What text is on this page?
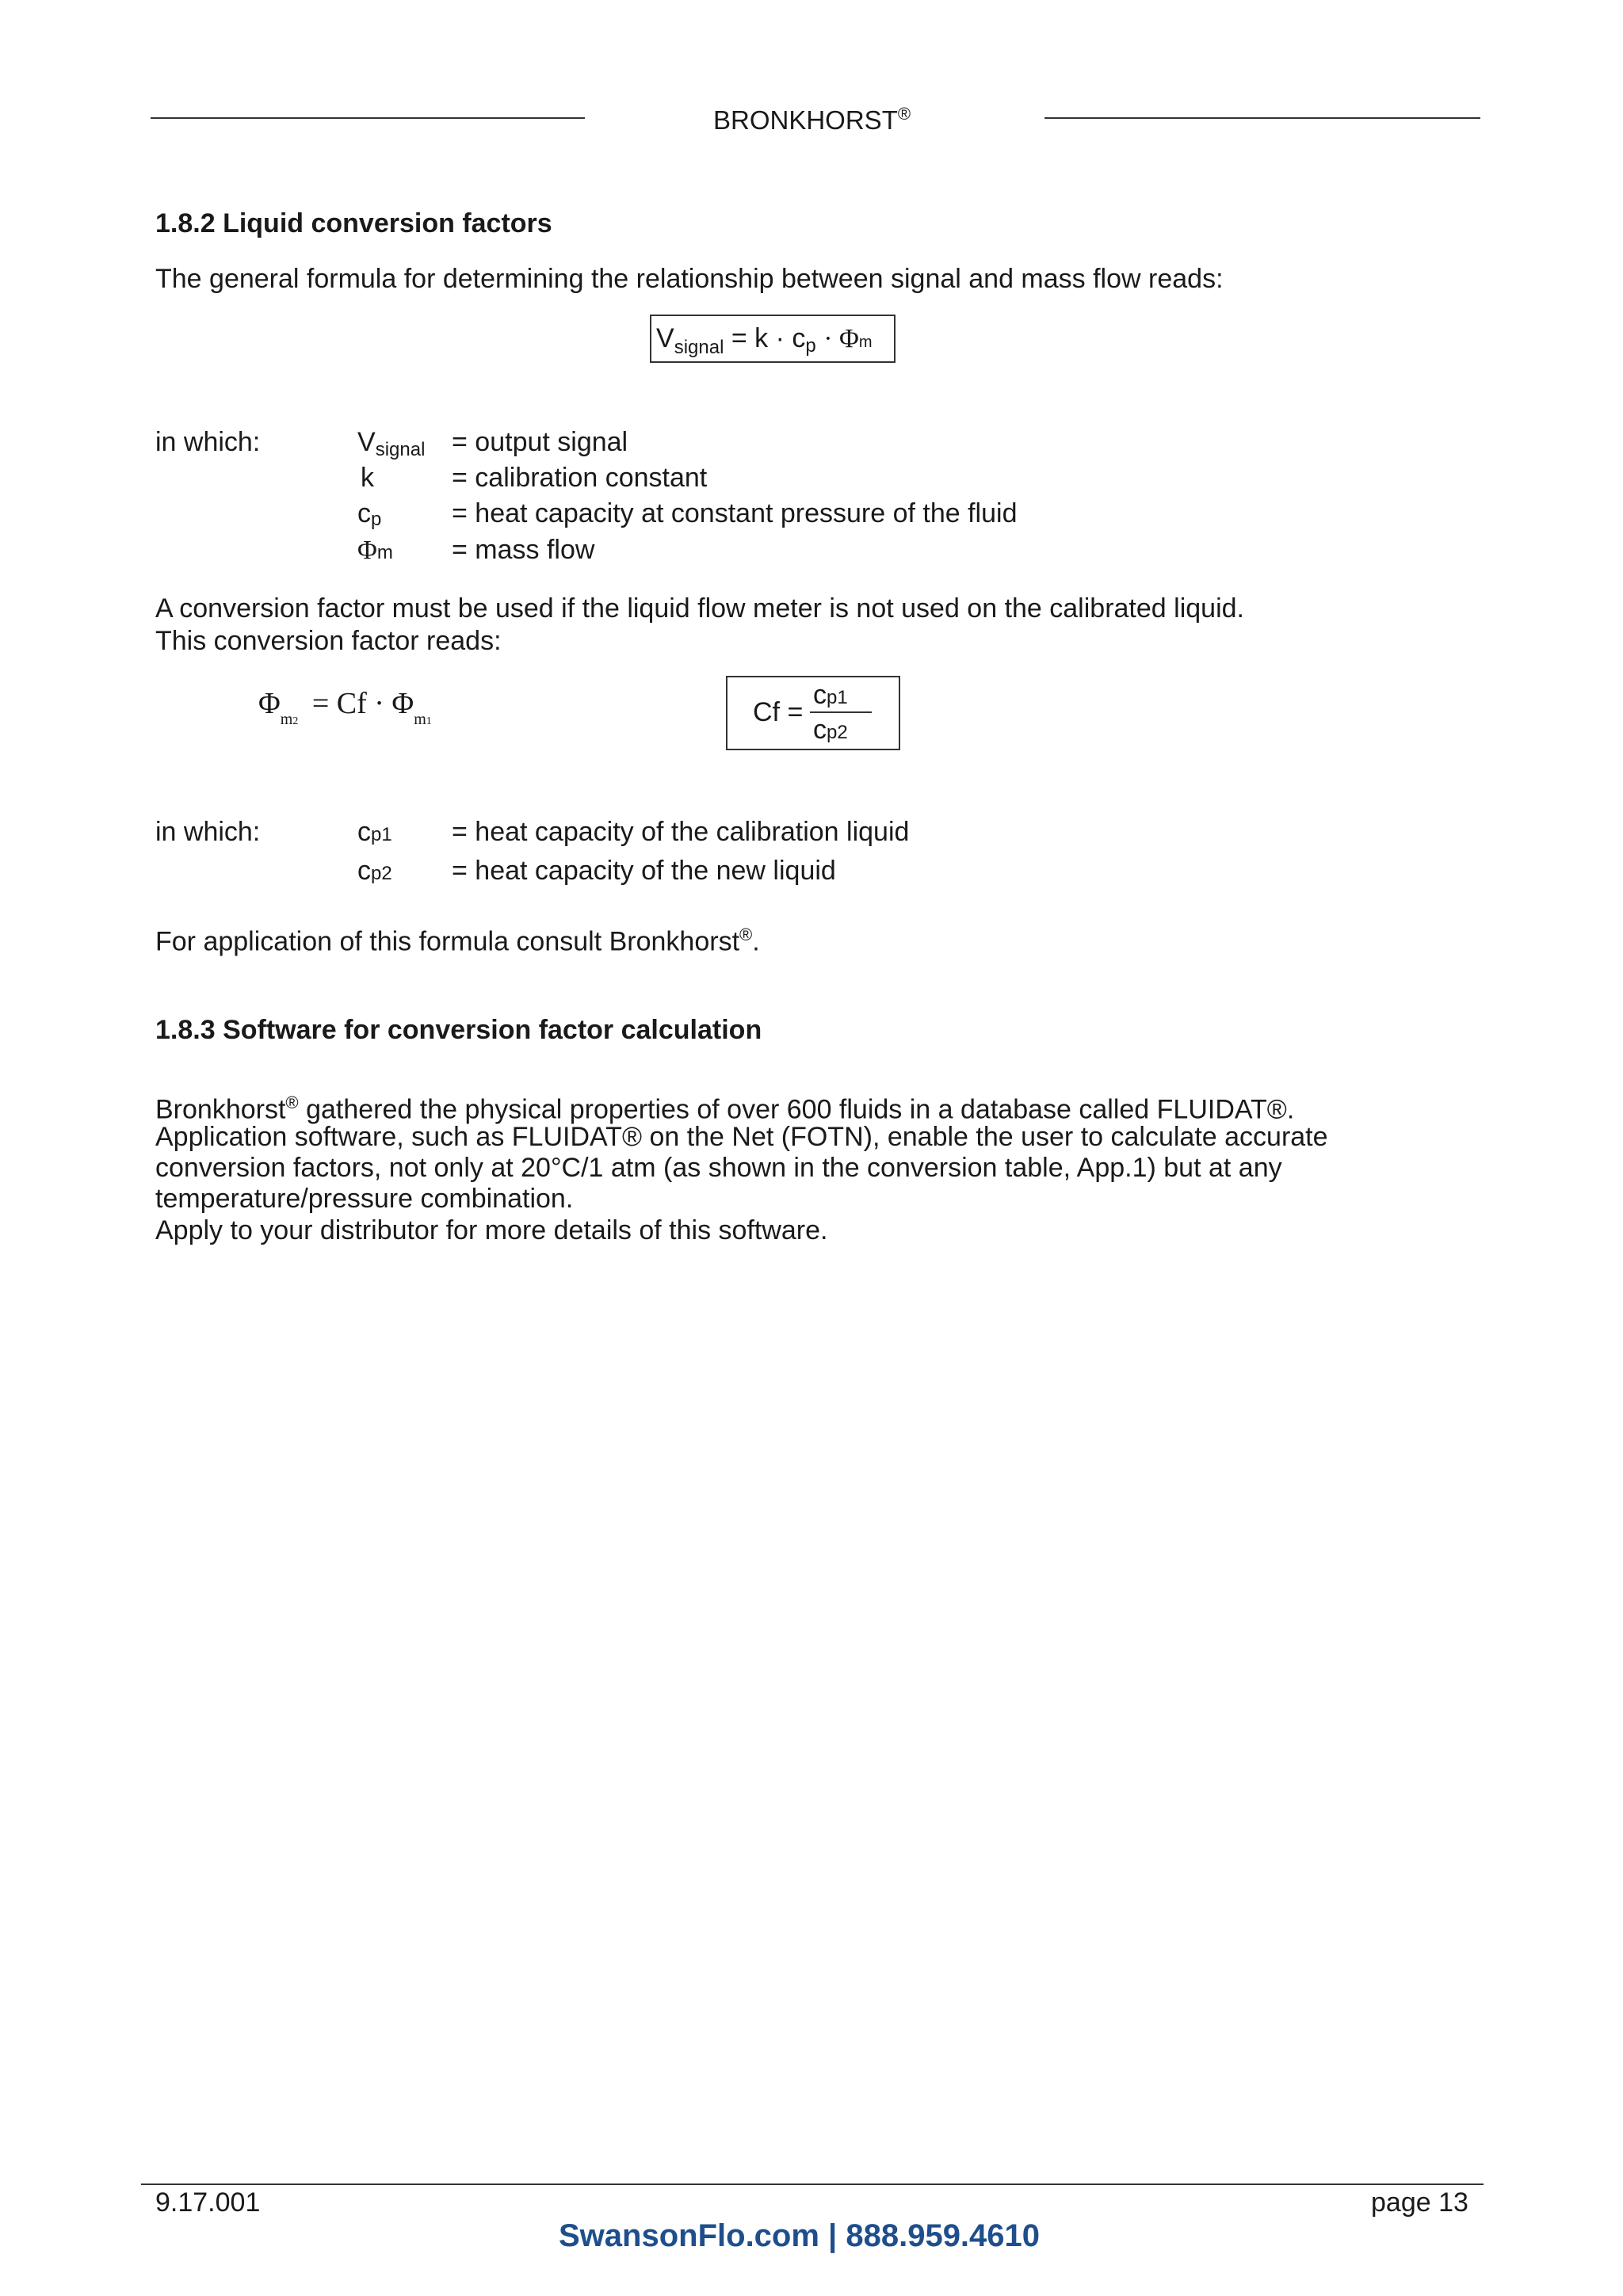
BRONKHORST®
1.8.2 Liquid conversion factors
The general formula for determining the relationship between signal and mass flow reads:
$V_{signal} = k$ · cp · Φm
in which:	Vsignal = output signal
k	= calibration constant
cp	= heat capacity at constant pressure of the fluid
Φm = mass flow
A conversion factor must be used if the liquid flow meter is not used on the calibrated liquid.
This conversion factor reads:
$\Phi_{m2} = Cf \cdot \Phi_{m1}$	Cf =
cp1
cp2
in which:	cp1 = heat capacity of the calibration liquid
cp2 = heat capacity of the new liquid
For application of this formula consult Bronkhorst®.
1.8.3 Software for conversion factor calculation
Bronkhorst® gathered the physical properties of over 600 fluids in a database called FLUIDAT®.
Application software, such as FLUIDAT® on the Net (FOTN), enable the user to calculate accurate
conversion factors, not only at 20°C/1 atm (as shown in the conversion table, App.1) but at any
temperature/pressure combination.
Apply to your distributor for more details of this software.
9.17.001	page 13
SwansonFlo.com | 888.959.4610
